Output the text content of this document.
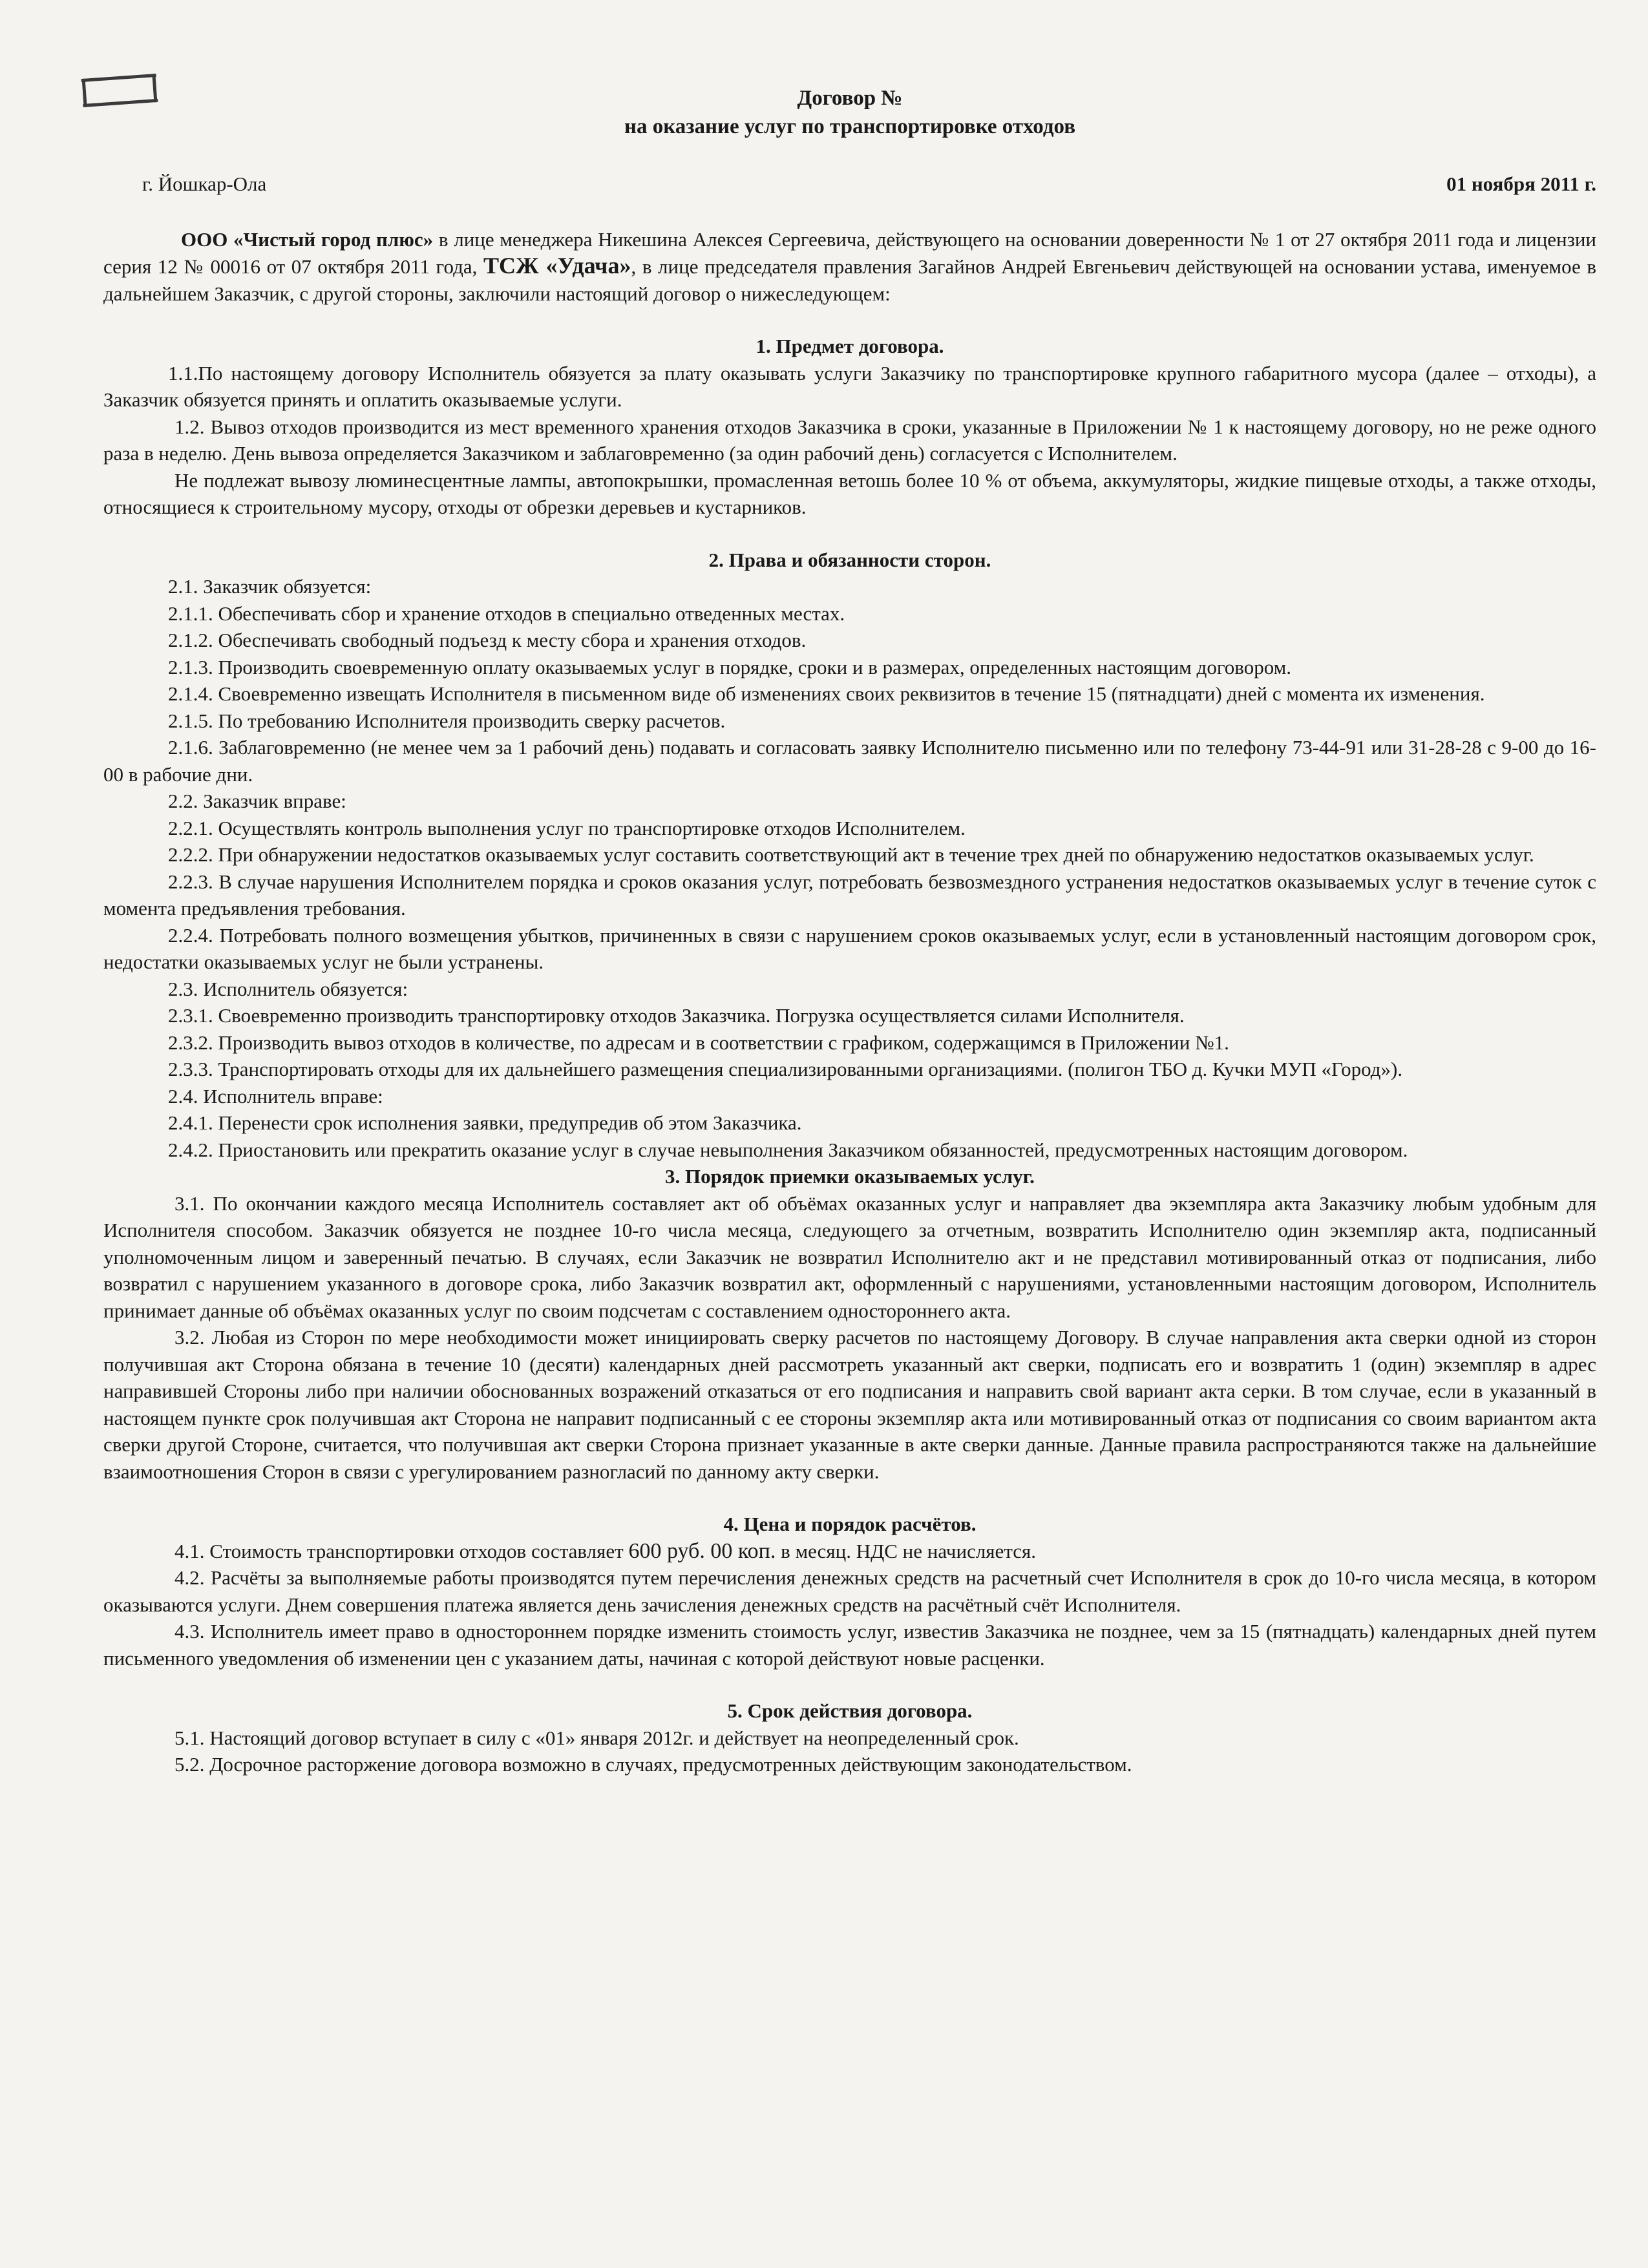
Договор №
на оказание услуг по транспортировке отходов
г. Йошкар-Ола	01 ноября 2011 г.

ООО «Чистый город плюс» в лице менеджера Никешина Алексея Сергеевича, действующего на основании доверенности № 1 от 27 октября 2011 года и лицензии серия 12 № 00016 от 07 октября 2011 года, ТСЖ «Удача», в лице председателя правления Загайнов Андрей Евгеньевич действующей на основании устава, именуемое в дальнейшем Заказчик, с другой стороны, заключили настоящий договор о нижеследующем:

1. Предмет договора.

1.1.По настоящему договору Исполнитель обязуется за плату оказывать услуги Заказчику по транспортировке крупного габаритного мусора (далее – отходы), а Заказчик обязуется принять и оплатить оказываемые услуги.

1.2. Вывоз отходов производится из мест временного хранения отходов Заказчика в сроки, указанные в Приложении № 1 к настоящему договору, но не реже одного раза в неделю. День вывоза определяется Заказчиком и заблаговременно (за один рабочий день) согласуется с Исполнителем.

Не подлежат вывозу люминесцентные лампы, автопокрышки, промасленная ветошь более 10 % от объема, аккумуляторы, жидкие пищевые отходы, а также отходы, относящиеся к строительному мусору, отходы от обрезки деревьев и кустарников.

2. Права и обязанности сторон.

2.1. Заказчик обязуется:

2.1.1. Обеспечивать сбор и хранение отходов в специально отведенных местах.

2.1.2. Обеспечивать свободный подъезд к месту сбора и хранения отходов.

2.1.3. Производить своевременную оплату оказываемых услуг в порядке, сроки и в размерах, определенных настоящим договором.

2.1.4. Своевременно извещать Исполнителя в письменном виде об изменениях своих реквизитов в течение 15 (пятнадцати) дней с момента их изменения.

2.1.5. По требованию Исполнителя производить сверку расчетов.

2.1.6. Заблаговременно (не менее чем за 1 рабочий день) подавать и согласовать заявку Исполнителю письменно или по телефону 73-44-91 или 31-28-28 с 9-00 до 16-00 в рабочие дни.

2.2. Заказчик вправе:

2.2.1. Осуществлять контроль выполнения услуг по транспортировке отходов Исполнителем.

2.2.2. При обнаружении недостатков оказываемых услуг составить соответствующий акт в течение трех дней по обнаружению недостатков оказываемых услуг.

2.2.3. В случае нарушения Исполнителем порядка и сроков оказания услуг, потребовать безвозмездного устранения недостатков оказываемых услуг в течение суток с момента предъявления требования.

2.2.4. Потребовать полного возмещения убытков, причиненных в связи с нарушением сроков оказываемых услуг, если в установленный настоящим договором срок, недостатки оказываемых услуг не были устранены.

2.3. Исполнитель обязуется:

2.3.1. Своевременно производить транспортировку отходов Заказчика. Погрузка осуществляется силами Исполнителя.

2.3.2. Производить вывоз отходов в количестве, по адресам и в соответствии с графиком, содержащимся в Приложении №1.

2.3.3. Транспортировать отходы для их дальнейшего размещения специализированными организациями. (полигон ТБО д. Кучки МУП «Город»).

2.4. Исполнитель вправе:

2.4.1. Перенести срок исполнения заявки, предупредив об этом Заказчика.

2.4.2. Приостановить или прекратить оказание услуг в случае невыполнения Заказчиком обязанностей, предусмотренных настоящим договором.

3. Порядок приемки оказываемых услуг.

3.1. По окончании каждого месяца Исполнитель составляет акт об объёмах оказанных услуг и направляет два экземпляра акта Заказчику любым удобным для Исполнителя способом. Заказчик обязуется не позднее 10-го числа месяца, следующего за отчетным, возвратить Исполнителю один экземпляр акта, подписанный уполномоченным лицом и заверенный печатью. В случаях, если Заказчик не возвратил Исполнителю акт и не представил мотивированный отказ от подписания, либо возвратил с нарушением указанного в договоре срока, либо Заказчик возвратил акт, оформленный с нарушениями, установленными настоящим договором, Исполнитель принимает данные об объёмах оказанных услуг по своим подсчетам с составлением одностороннего акта.

3.2. Любая из Сторон по мере необходимости может инициировать сверку расчетов по настоящему Договору. В случае направления акта сверки одной из сторон получившая акт Сторона обязана в течение 10 (десяти) календарных дней рассмотреть указанный акт сверки, подписать его и возвратить 1 (один) экземпляр в адрес направившей Стороны либо при наличии обоснованных возражений отказаться от его подписания и направить свой вариант акта серки. В том случае, если в указанный в настоящем пункте срок получившая акт Сторона не направит подписанный с ее стороны экземпляр акта или мотивированный отказ от подписания со своим вариантом акта сверки другой Стороне, считается, что получившая акт сверки Сторона признает указанные в акте сверки данные. Данные правила распространяются также на дальнейшие взаимоотношения Сторон в связи с урегулированием разногласий по данному акту сверки.

4. Цена и порядок расчётов.

4.1. Стоимость транспортировки отходов составляет 600 руб. 00 коп. в месяц. НДС не начисляется.

4.2. Расчёты за выполняемые работы производятся путем перечисления денежных средств на расчетный счет Исполнителя в срок до 10-го числа месяца, в котором оказываются услуги. Днем совершения платежа является день зачисления денежных средств на расчётный счёт Исполнителя.

4.3. Исполнитель имеет право в одностороннем порядке изменить стоимость услуг, известив Заказчика не позднее, чем за 15 (пятнадцать) календарных дней путем письменного уведомления об изменении цен с указанием даты, начиная с которой действуют новые расценки.

5. Срок действия договора.

5.1. Настоящий договор вступает в силу с «01» января 2012г. и действует на неопределенный срок.

5.2. Досрочное расторжение договора возможно в случаях, предусмотренных действующим законодательством.
